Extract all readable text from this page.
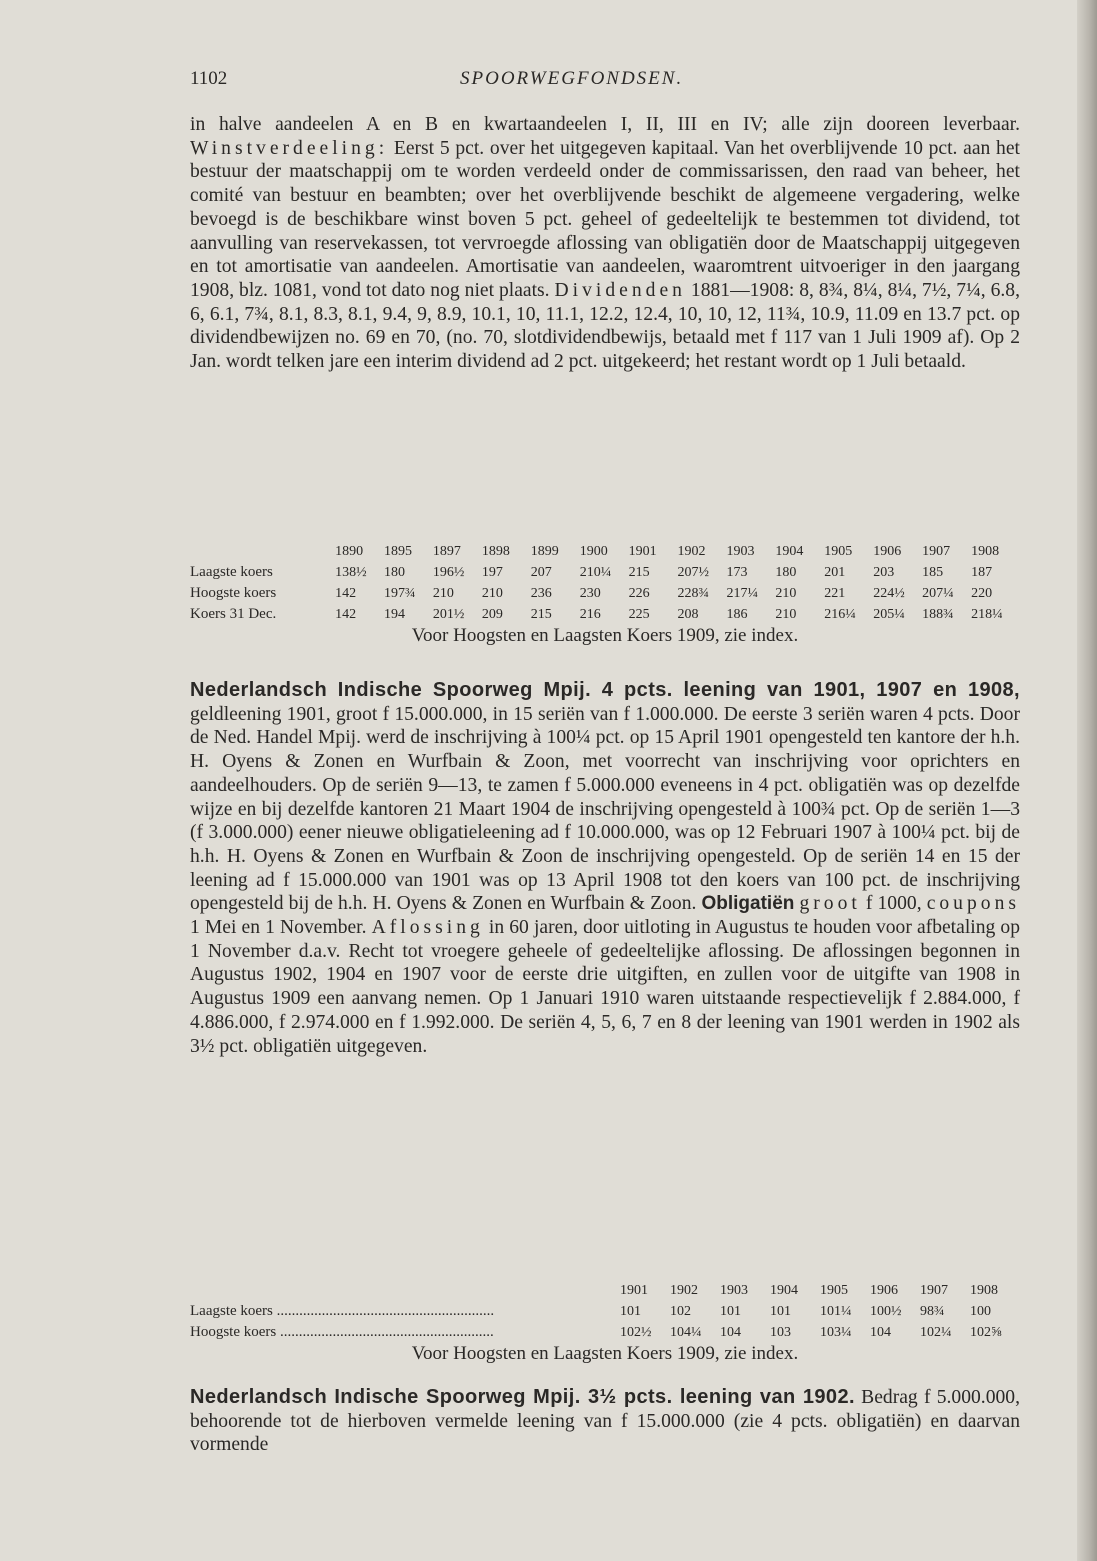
1102	SPOORWEGFONDSEN.

in halve aandeelen A en B en kwartaandeelen I, II, III en IV; alle zijn dooreen leverbaar. Winstverdeeling: Eerst 5 pct. over het uitgegeven kapitaal. Van het overblijvende 10 pct. aan het bestuur der maatschappij om te worden verdeeld onder de commissarissen, den raad van beheer, het comité van bestuur en beambten; over het overblijvende beschikt de algemeene vergadering, welke bevoegd is de beschikbare winst boven 5 pct. geheel of gedeeltelijk te bestemmen tot dividend, tot aanvulling van reservekassen, tot vervroegde aflossing van obligatiën door de Maatschappij uitgegeven en tot amortisatie van aandeelen. Amortisatie van aandeelen, waaromtrent uitvoeriger in den jaargang 1908, blz. 1081, vond tot dato nog niet plaats. Dividenden 1881—1908: 8, 8¾, 8¼, 8¼, 7½, 7¼, 6.8, 6, 6.1, 7¾, 8.1, 8.3, 8.1, 9.4, 9, 8.9, 10.1, 10, 11.1, 12.2, 12.4, 10, 10, 12, 11¾, 10.9, 11.09 en 13.7 pct. op dividendbewijzen no. 69 en 70, (no. 70, slotdividendbewijs, betaald met f 117 van 1 Juli 1909 af). Op 2 Jan. wordt telken jare een interim dividend ad 2 pct. uitgekeerd; het restant wordt op 1 Juli betaald.

	1890	1895	1897	1898	1899	1900	1901	1902	1903	1904	1905	1906	1907	1908
Laagste koers	138½	180	196½	197	207	210¼	215	207½	173	180	201	203	185	187
Hoogste koers	142	197¾	210	210	236	230	226	228¾	217¼	210	221	224½	207¼	220
Koers 31 Dec.	142	194	201½	209	215	216	225	208	186	210	216¼	205¼	188¾	218¼
Voor Hoogsten en Laagsten Koers 1909, zie index.
Nederlandsch Indische Spoorweg Mpij. 4 pcts. leening van 1901, 1907 en 1908, geldleening 1901, groot f 15.000.000, in 15 seriën van f 1.000.000. De eerste 3 seriën waren 4 pcts. Door de Ned. Handel Mpij. werd de inschrijving à 100¼ pct. op 15 April 1901 opengesteld ten kantore der h.h. H. Oyens & Zonen en Wurfbain & Zoon, met voorrecht van inschrijving voor oprichters en aandeelhouders. Op de seriën 9—13, te zamen f 5.000.000 eveneens in 4 pct. obligatiën was op dezelfde wijze en bij dezelfde kantoren 21 Maart 1904 de inschrijving opengesteld à 100¾ pct. Op de seriën 1—3 (f 3.000.000) eener nieuwe obligatieleening ad f 10.000.000, was op 12 Februari 1907 à 100¼ pct. bij de h.h. H. Oyens & Zonen en Wurfbain & Zoon de inschrijving opengesteld. Op de seriën 14 en 15 der leening ad f 15.000.000 van 1901 was op 13 April 1908 tot den koers van 100 pct. de inschrijving opengesteld bij de h.h. H. Oyens & Zonen en Wurfbain & Zoon. Obligatiën groot f 1000, coupons 1 Mei en 1 November. Aflossing in 60 jaren, door uitloting in Augustus te houden voor afbetaling op 1 November d.a.v. Recht tot vroegere geheele of gedeeltelijke aflossing. De aflossingen begonnen in Augustus 1902, 1904 en 1907 voor de eerste drie uitgiften, en zullen voor de uitgifte van 1908 in Augustus 1909 een aanvang nemen. Op 1 Januari 1910 waren uitstaande respectievelijk f 2.884.000, f 4.886.000, f 2.974.000 en f 1.992.000. De seriën 4, 5, 6, 7 en 8 der leening van 1901 werden in 1902 als 3½ pct. obligatiën uitgegeven.
	1901	1902	1903	1904	1905	1906	1907	1908
Laagste koers ..........................................................	101	102	101	101	101¼	100½	98¾	100
Hoogste koers .........................................................	102½	104¼	104	103	103¼	104	102¼	102⅝
Voor Hoogsten en Laagsten Koers 1909, zie index.
Nederlandsch Indische Spoorweg Mpij. 3½ pcts. leening van 1902. Bedrag f 5.000.000, behoorende tot de hierboven vermelde leening van f 15.000.000 (zie 4 pcts. obligatiën) en daarvan vormende
